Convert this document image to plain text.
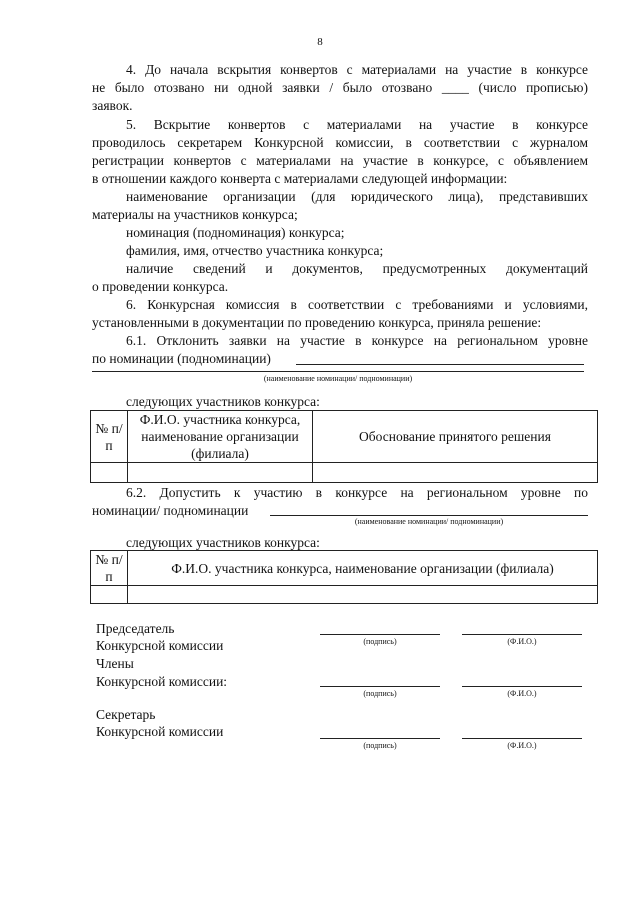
8
4. До начала вскрытия конвертов с материалами на участие в конкурсе
не было отозвано ни одной заявки / было отозвано ____ (число прописью)
заявок.
5. Вскрытие конвертов с материалами на участие в конкурсе
проводилось секретарем Конкурсной комиссии, в соответствии с журналом
регистрации конвертов с материалами на участие в конкурсе, с объявлением
в отношении каждого конверта с материалами следующей информации:
наименование организации (для юридического лица), представивших
материалы на участников конкурса;
номинация (подноминация) конкурса;
фамилия, имя, отчество участника конкурса;
наличие сведений и документов, предусмотренных документаций
о проведении конкурса.
6. Конкурсная комиссия в соответствии с требованиями и условиями,
установленными в документации по проведению конкурса, приняла решение:
6.1. Отклонить заявки на участие в конкурсе на региональном уровне
по номинации (подноминации)
(наименование номинации/ подноминации)
следующих участников конкурса:
№ п/п	Ф.И.О. участника конкурса, наименование организации (филиала)	Обоснование принятого решения

6.2. Допустить к участию в конкурсе на региональном уровне по
номинации/ подноминации
(наименование номинации/ подноминации)
следующих участников конкурса:
№ п/п	Ф.И.О. участника конкурса, наименование организации (филиала)

Председатель
Конкурсной комиссии	(подпись)	(Ф.И.О.)
Члены
Конкурсной комиссии:
(подпись)	(Ф.И.О.)
Секретарь
Конкурсной комиссии
(подпись)	(Ф.И.О.)
